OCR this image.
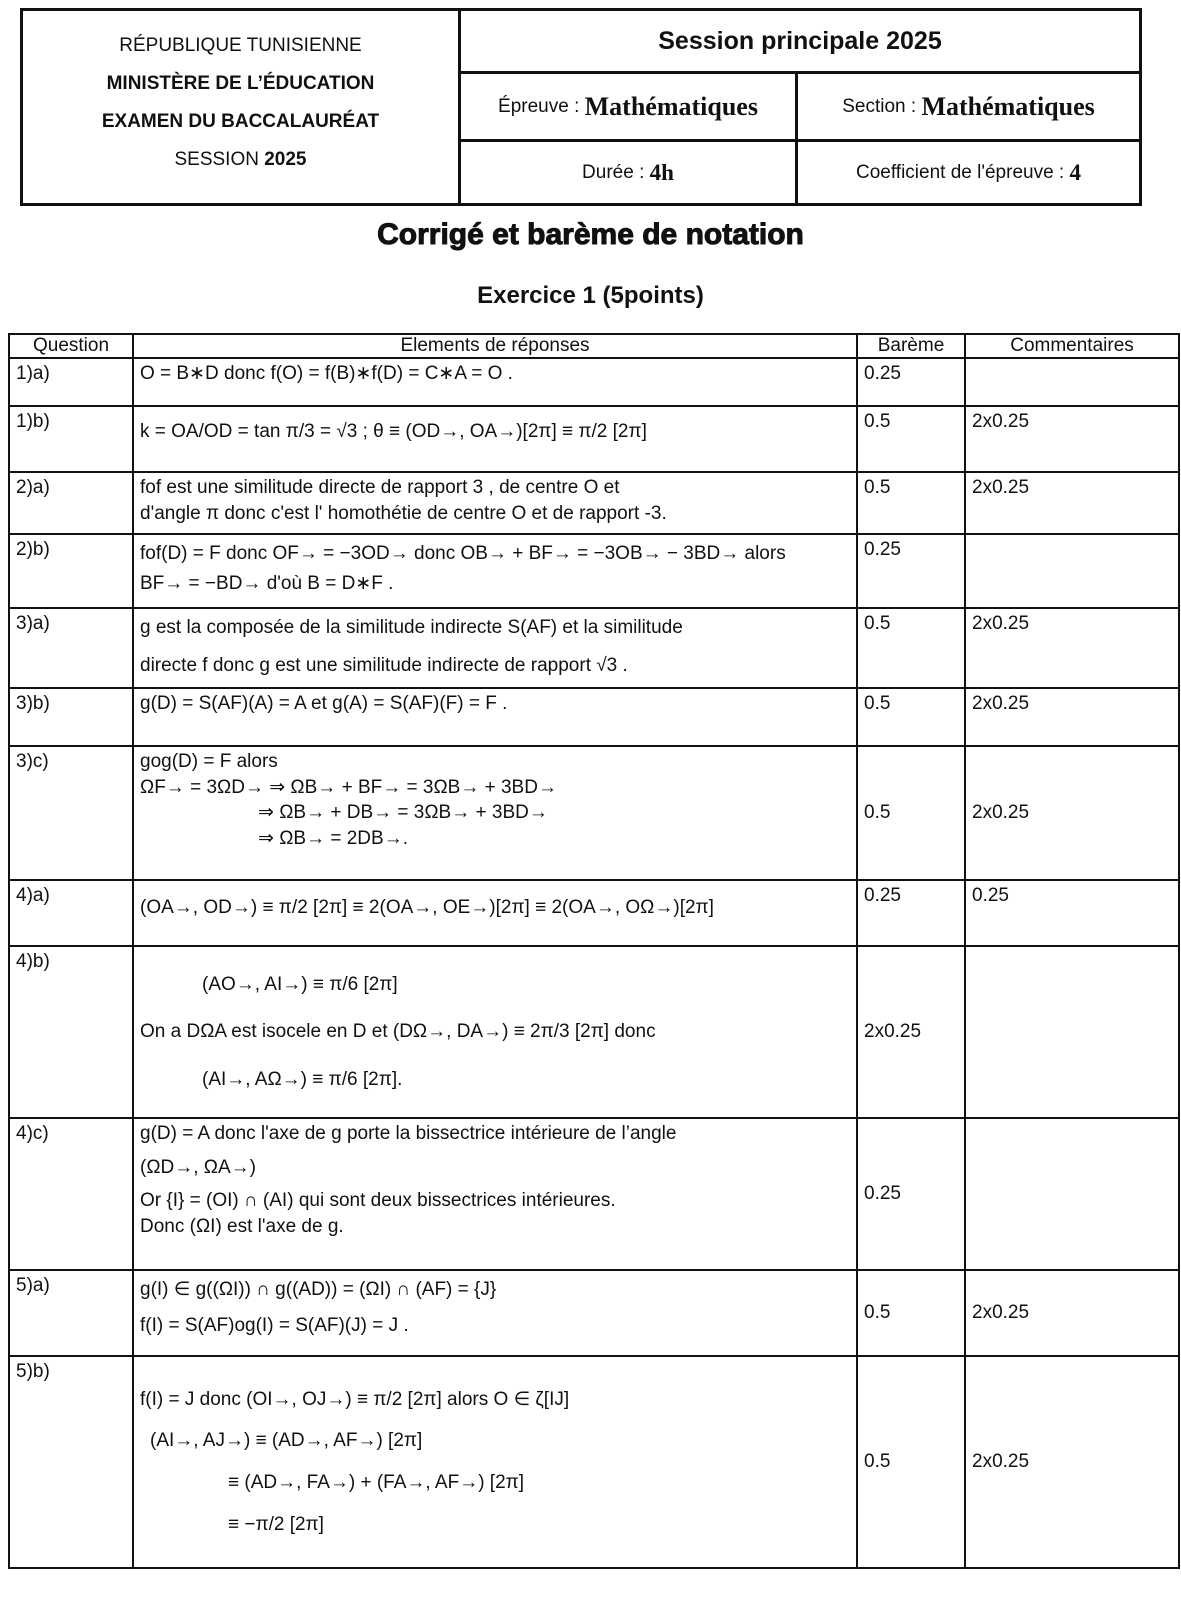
RÉPUBLIQUE TUNISIENNE
MINISTÈRE DE L’ÉDUCATION
EXAMEN DU BACCALAURÉAT
SESSION 2025
Session principale 2025
Épreuve :
Mathématiques	Section :
Mathématiques
Durée :
4h	Coefficient de l'épreuve :
4
Corrigé et barème de notation
Exercice 1 (5points)
Question	Elements de réponses	Barème	Commentaires
1)a)	O = B∗D donc f(O) = f(B)∗f(D) = C∗A = O .	0.25	
1)b)	k = OA/OD = tan π/3 = √3 ; θ ≡ (OD→, OA→)[2π] ≡ π/2 [2π]	0.5	2x0.25
2)a)	fof est une similitude directe de rapport 3 , de centre O et
d'angle π donc c'est l' homothétie de centre O et de rapport -3.	0.5	2x0.25
2)b)	fof(D) = F donc OF→ = −3OD→ donc OB→ + BF→ = −3OB→ − 3BD→ alors
BF→ = −BD→ d'où B = D∗F .	0.25	
3)a)	g est la composée de la similitude indirecte S(AF) et la similitude
directe f donc g est une similitude indirecte de rapport √3 .	0.5	2x0.25
3)b)	g(D) = S(AF)(A) = A et g(A) = S(AF)(F) = F .	0.5	2x0.25
3)c)	gog(D) = F alors
ΩF→ = 3ΩD→ ⇒ ΩB→ + BF→ = 3ΩB→ + 3BD→
⇒ ΩB→ + DB→ = 3ΩB→ + 3BD→
⇒ ΩB→ = 2DB→.	0.5	2x0.25
4)a)	(OA→, OD→) ≡ π/2 [2π] ≡ 2(OA→, OE→)[2π] ≡ 2(OA→, OΩ→)[2π]	0.25	0.25
4)b)	(AO→, AI→) ≡ π/6 [2π]
On a DΩA est isocele en D et (DΩ→, DA→) ≡ 2π/3 [2π] donc
(AI→, AΩ→) ≡ π/6 [2π].	2x0.25	
4)c)	g(D) = A donc l'axe de g porte la bissectrice intérieure de l’angle
(ΩD→, ΩA→)
Or {I} = (OI) ∩ (AI) qui sont deux bissectrices intérieures.
Donc (ΩI) est l'axe de g.	0.25	
5)a)	g(I) ∈ g((ΩI)) ∩ g((AD)) = (ΩI) ∩ (AF) = {J}
f(I) = S(AF)og(I) = S(AF)(J) = J .	0.5	2x0.25
5)b)	f(I) = J donc (OI→, OJ→) ≡ π/2 [2π] alors O ∈ ζ[IJ]
(AI→, AJ→) ≡ (AD→, AF→) [2π]
≡ (AD→, FA→) + (FA→, AF→) [2π]
≡ −π/2 [2π]	0.5	2x0.25
